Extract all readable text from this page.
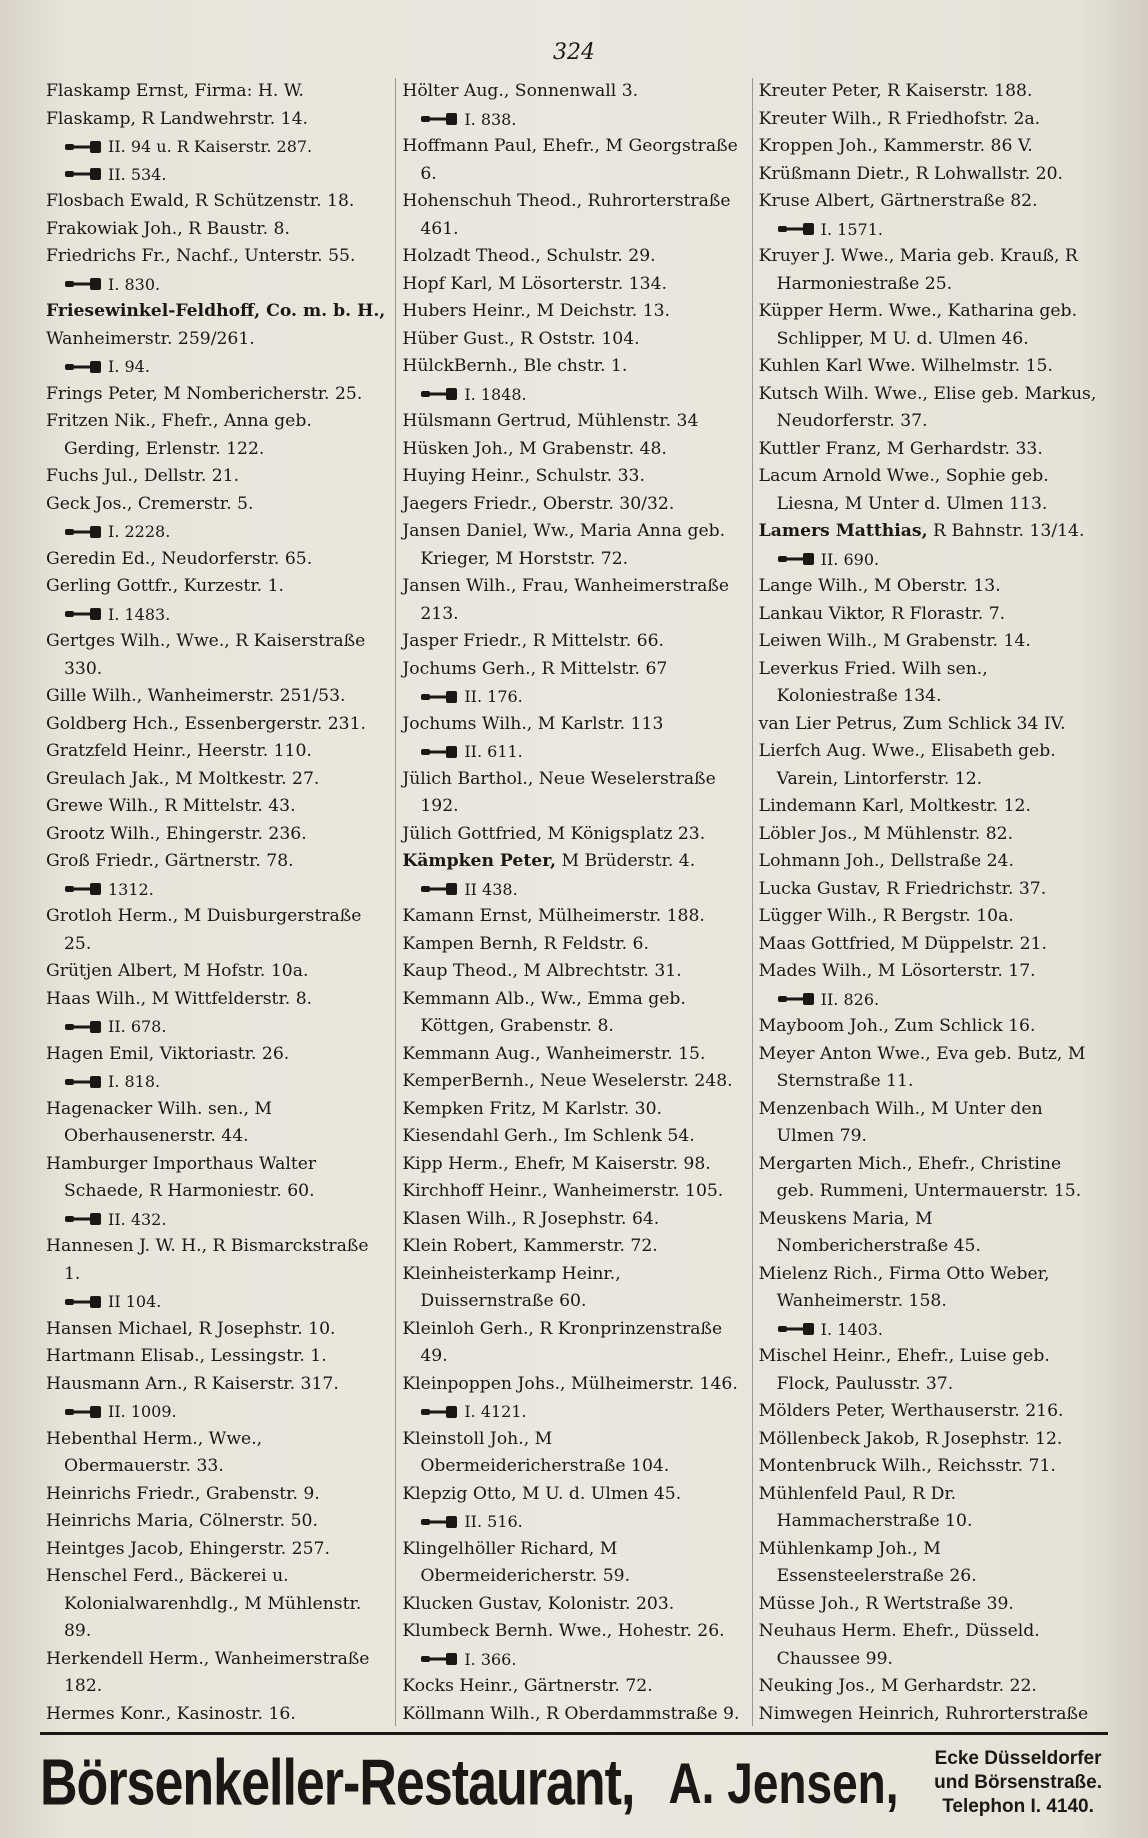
324
Flaskamp Ernst, Firma: H. W.
Flaskamp, R Landwehrstr. 14.
II. 94 u. R Kaiserstr. 287.
II. 534.
Flosbach Ewald, R Schützenstr. 18.
Frakowiak Joh., R Baustr. 8.
Friedrichs Fr., Nachf., Unterstr. 55.
I. 830.
Friesewinkel-Feldhoff, Co. m. b. H.,
Wanheimerstr. 259/261.
I. 94.
Frings Peter, M Nombericherstr. 25.
Fritzen Nik., Fhefr., Anna geb. Gerding, Erlenstr. 122.
Fuchs Jul., Dellstr. 21.
Geck Jos., Cremerstr. 5.
I. 2228.
Geredin Ed., Neudorferstr. 65.
Gerling Gottfr., Kurzestr. 1.
I. 1483.
Gertges Wilh., Wwe., R Kaiserstraße 330.
Gille Wilh., Wanheimerstr. 251/53.
Goldberg Hch., Essenbergerstr. 231.
Gratzfeld Heinr., Heerstr. 110.
Greulach Jak., M Moltkestr. 27.
Grewe Wilh., R Mittelstr. 43.
Grootz Wilh., Ehingerstr. 236.
Groß Friedr., Gärtnerstr. 78.
1312.
Grotloh Herm., M Duisburgerstraße 25.
Grütjen Albert, M Hofstr. 10a.
Haas Wilh., M Wittfelderstr. 8.
II. 678.
Hagen Emil, Viktoriastr. 26.
I. 818.
Hagenacker Wilh. sen., M Oberhausenerstr. 44.
Hamburger Importhaus Walter Schaede, R Harmoniestr. 60.
II. 432.
Hannesen J. W. H., R Bismarckstraße 1.
II 104.
Hansen Michael, R Josephstr. 10.
Hartmann Elisab., Lessingstr. 1.
Hausmann Arn., R Kaiserstr. 317.
II. 1009.
Hebenthal Herm., Wwe., Obermauerstr. 33.
Heinrichs Friedr., Grabenstr. 9.
Heinrichs Maria, Cölnerstr. 50.
Heintges Jacob, Ehingerstr. 257.
Henschel Ferd., Bäckerei u. Kolonialwarenhdlg., M Mühlenstr. 89.
Herkendell Herm., Wanheimerstraße 182.
Hermes Konr., Kasinostr. 16.
Hölter Aug., Sonnenwall 3.
I. 838.
Hoffmann Paul, Ehefr., M Georgstraße 6.
Hohenschuh Theod., Ruhrorterstraße 461.
Holzadt Theod., Schulstr. 29.
Hopf Karl, M Lösorterstr. 134.
Hubers Heinr., M Deichstr. 13.
Hüber Gust., R Oststr. 104.
HülckBernh., Ble chstr. 1.
I. 1848.
Hülsmann Gertrud, Mühlenstr. 34
Hüsken Joh., M Grabenstr. 48.
Huying Heinr., Schulstr. 33.
Jaegers Friedr., Oberstr. 30/32.
Jansen Daniel, Ww., Maria Anna geb. Krieger, M Horststr. 72.
Jansen Wilh., Frau, Wanheimerstraße 213.
Jasper Friedr., R Mittelstr. 66.
Jochums Gerh., R Mittelstr. 67
II. 176.
Jochums Wilh., M Karlstr. 113
II. 611.
Jülich Barthol., Neue Weselerstraße 192.
Jülich Gottfried, M Königsplatz 23.
Kämpken Peter, M Brüderstr. 4.
II 438.
Kamann Ernst, Mülheimerstr. 188.
Kampen Bernh, R Feldstr. 6.
Kaup Theod., M Albrechtstr. 31.
Kemmann Alb., Ww., Emma geb. Köttgen, Grabenstr. 8.
Kemmann Aug., Wanheimerstr. 15.
KemperBernh., Neue Weselerstr. 248.
Kempken Fritz, M Karlstr. 30.
Kiesendahl Gerh., Im Schlenk 54.
Kipp Herm., Ehefr, M Kaiserstr. 98.
Kirchhoff Heinr., Wanheimerstr. 105.
Klasen Wilh., R Josephstr. 64.
Klein Robert, Kammerstr. 72.
Kleinheisterkamp Heinr., Duissernstraße 60.
Kleinloh Gerh., R Kronprinzenstraße 49.
Kleinpoppen Johs., Mülheimerstr. 146.
I. 4121.
Kleinstoll Joh., M Obermeidericherstraße 104.
Klepzig Otto, M U. d. Ulmen 45.
II. 516.
Klingelhöller Richard, M Obermeidericherstr. 59.
Klucken Gustav, Kolonistr. 203.
Klumbeck Bernh. Wwe., Hohestr. 26.
I. 366.
Kocks Heinr., Gärtnerstr. 72.
Köllmann Wilh., R Oberdammstraße 9.
Kreuter Peter, R Kaiserstr. 188.
Kreuter Wilh., R Friedhofstr. 2a.
Kroppen Joh., Kammerstr. 86 V.
Krüßmann Dietr., R Lohwallstr. 20.
Kruse Albert, Gärtnerstraße 82.
I. 1571.
Kruyer J. Wwe., Maria geb. Krauß, R Harmoniestraße 25.
Küpper Herm. Wwe., Katharina geb. Schlipper, M U. d. Ulmen 46.
Kuhlen Karl Wwe. Wilhelmstr. 15.
Kutsch Wilh. Wwe., Elise geb. Markus, Neudorferstr. 37.
Kuttler Franz, M Gerhardstr. 33.
Lacum Arnold Wwe., Sophie geb. Liesna, M Unter d. Ulmen 113.
Lamers Matthias, R Bahnstr. 13/14.
II. 690.
Lange Wilh., M Oberstr. 13.
Lankau Viktor, R Florastr. 7.
Leiwen Wilh., M Grabenstr. 14.
Leverkus Fried. Wilh sen., Koloniestraße 134.
van Lier Petrus, Zum Schlick 34 IV.
Lierfch Aug. Wwe., Elisabeth geb. Varein, Lintorferstr. 12.
Lindemann Karl, Moltkestr. 12.
Löbler Jos., M Mühlenstr. 82.
Lohmann Joh., Dellstraße 24.
Lucka Gustav, R Friedrichstr. 37.
Lügger Wilh., R Bergstr. 10a.
Maas Gottfried, M Düppelstr. 21.
Mades Wilh., M Lösorterstr. 17.
II. 826.
Mayboom Joh., Zum Schlick 16.
Meyer Anton Wwe., Eva geb. Butz, M Sternstraße 11.
Menzenbach Wilh., M Unter den Ulmen 79.
Mergarten Mich., Ehefr., Christine geb. Rummeni, Untermauerstr. 15.
Meuskens Maria, M Nombericherstraße 45.
Mielenz Rich., Firma Otto Weber, Wanheimerstr. 158.
I. 1403.
Mischel Heinr., Ehefr., Luise geb. Flock, Paulusstr. 37.
Mölders Peter, Werthauserstr. 216.
Möllenbeck Jakob, R Josephstr. 12.
Montenbruck Wilh., Reichsstr. 71.
Mühlenfeld Paul, R Dr. Hammacherstraße 10.
Mühlenkamp Joh., M Essensteelerstraße 26.
Müsse Joh., R Wertstraße 39.
Neuhaus Herm. Ehefr., Düsseld. Chaussee 99.
Neuking Jos., M Gerhardstr. 22.
Nimwegen Heinrich, Ruhrorterstraße
Börsenkeller-Restaurant, A. Jensen, Ecke Düsseldorfer
und Börsenstraße.
Telephon I. 4140.
